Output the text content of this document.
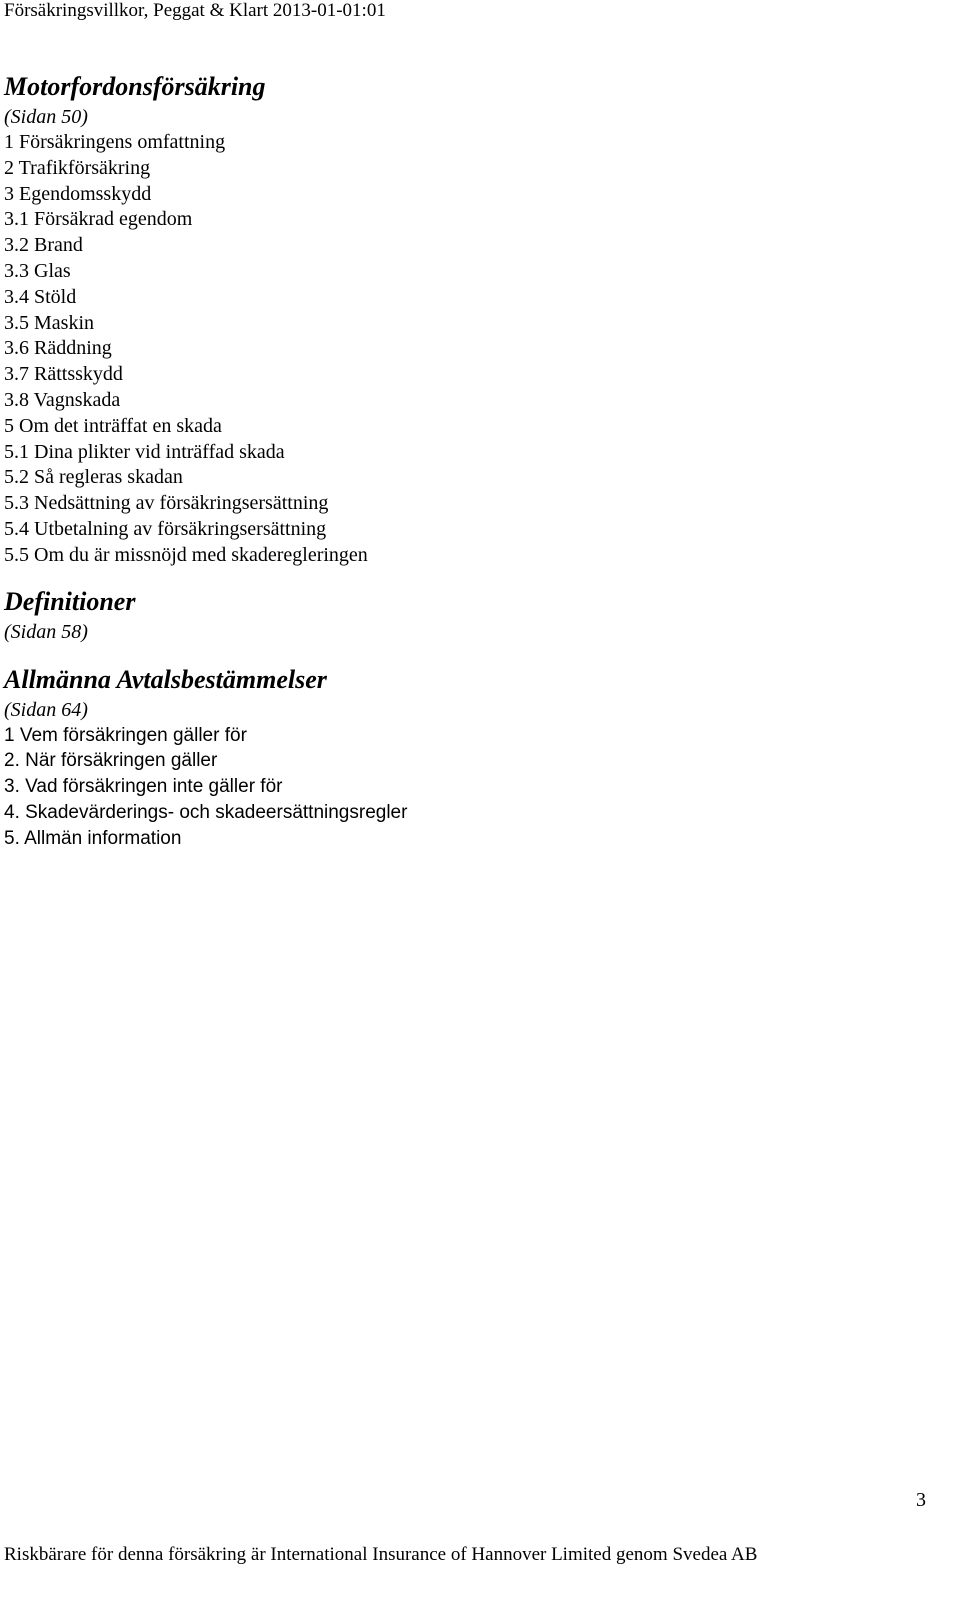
Försäkringsvillkor, Peggat & Klart 2013-01-01:01
Motorfordonsförsäkring
(Sidan 50)
1 Försäkringens omfattning
2 Trafikförsäkring
3 Egendomsskydd
3.1 Försäkrad egendom
3.2 Brand
3.3 Glas
3.4 Stöld
3.5 Maskin
3.6 Räddning
3.7 Rättsskydd
3.8 Vagnskada
5 Om det inträffat en skada
5.1 Dina plikter vid inträffad skada
5.2 Så regleras skadan
5.3 Nedsättning av försäkringsersättning
5.4 Utbetalning av försäkringsersättning
5.5 Om du är missnöjd med skaderegleringen
Definitioner
(Sidan 58)
Allmänna Avtalsbestämmelser
(Sidan 64)
1 Vem försäkringen gäller för
2. När försäkringen gäller
3. Vad försäkringen inte gäller för
4. Skadevärderings- och skadeersättningsregler
5. Allmän information
3
Riskbärare för denna försäkring är International Insurance of Hannover Limited genom Svedea AB
